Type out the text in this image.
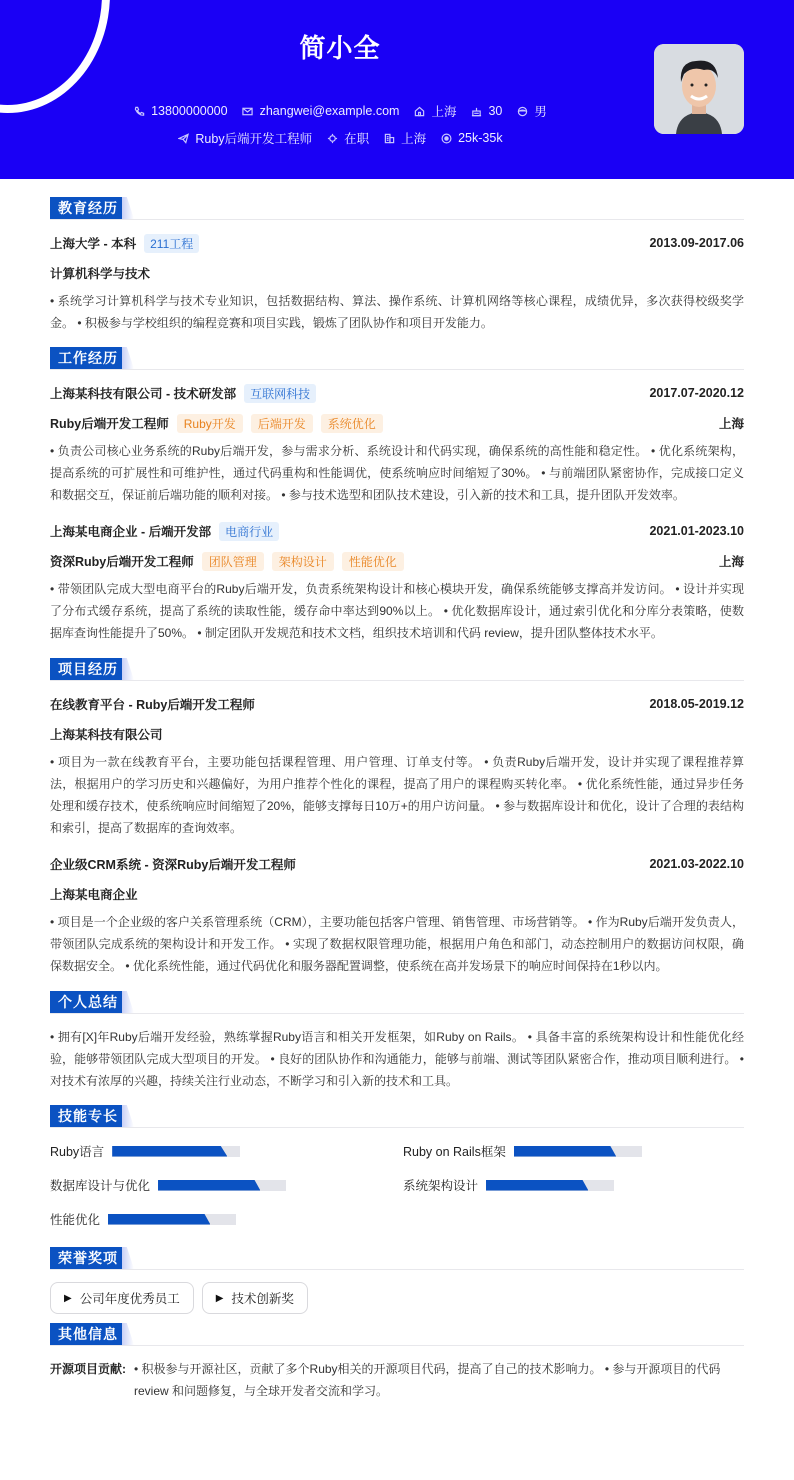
简小全
13800000000	zhangwei@example.com	上海	30	男
Ruby后端开发工程师	在职	上海	25k-35k
教育经历
上海大学 - 本科	211工程	2013.09-2017.06
计算机科学与技术
• 系统学习计算机科学与技术专业知识，包括数据结构、算法、操作系统、计算机网络等核心课程，成绩优异，多次获得校级奖学金。 • 积极参与学校组织的编程竞赛和项目实践，锻炼了团队协作和项目开发能力。
工作经历
上海某科技有限公司 - 技术研发部	互联网科技	2017.07-2020.12
Ruby后端开发工程师	Ruby开发	后端开发	系统优化	上海
• 负责公司核心业务系统的Ruby后端开发，参与需求分析、系统设计和代码实现，确保系统的高性能和稳定性。 • 优化系统架构，提高系统的可扩展性和可维护性，通过代码重构和性能调优，使系统响应时间缩短了30%。 • 与前端团队紧密协作，完成接口定义和数据交互，保证前后端功能的顺利对接。 • 参与技术选型和团队技术建设，引入新的技术和工具，提升团队开发效率。
上海某电商企业 - 后端开发部	电商行业	2021.01-2023.10
资深Ruby后端开发工程师	团队管理	架构设计	性能优化	上海
• 带领团队完成大型电商平台的Ruby后端开发，负责系统架构设计和核心模块开发，确保系统能够支撑高并发访问。 • 设计并实现了分布式缓存系统，提高了系统的读取性能，缓存命中率达到90%以上。 • 优化数据库设计，通过索引优化和分库分表策略，使数据库查询性能提升了50%。 • 制定团队开发规范和技术文档，组织技术培训和代码 review，提升团队整体技术水平。
项目经历
在线教育平台 - Ruby后端开发工程师	2018.05-2019.12
上海某科技有限公司
• 项目为一款在线教育平台，主要功能包括课程管理、用户管理、订单支付等。 • 负责Ruby后端开发，设计并实现了课程推荐算法，根据用户的学习历史和兴趣偏好，为用户推荐个性化的课程，提高了用户的课程购买转化率。 • 优化系统性能，通过异步任务处理和缓存技术，使系统响应时间缩短了20%，能够支撑每日10万+的用户访问量。 • 参与数据库设计和优化，设计了合理的表结构和索引，提高了数据库的查询效率。
企业级CRM系统 - 资深Ruby后端开发工程师	2021.03-2022.10
上海某电商企业
• 项目是一个企业级的客户关系管理系统（CRM），主要功能包括客户管理、销售管理、市场营销等。 • 作为Ruby后端开发负责人，带领团队完成系统的架构设计和开发工作。 • 实现了数据权限管理功能，根据用户角色和部门，动态控制用户的数据访问权限，确保数据安全。 • 优化系统性能，通过代码优化和服务器配置调整，使系统在高并发场景下的响应时间保持在1秒以内。
个人总结
• 拥有[X]年Ruby后端开发经验，熟练掌握Ruby语言和相关开发框架，如Ruby on Rails。 • 具备丰富的系统架构设计和性能优化经验，能够带领团队完成大型项目的开发。 • 良好的团队协作和沟通能力，能够与前端、测试等团队紧密合作，推动项目顺利进行。 • 对技术有浓厚的兴趣，持续关注行业动态，不断学习和引入新的技术和工具。
技能专长
Ruby语言	Ruby on Rails框架
数据库设计与优化	系统架构设计
性能优化
荣誉奖项
▶ 公司年度优秀员工	▶ 技术创新奖
其他信息
开源项目贡献: • 积极参与开源社区，贡献了多个Ruby相关的开源项目代码，提高了自己的技术影响力。 • 参与开源项目的代码 review 和问题修复，与全球开发者交流和学习。
